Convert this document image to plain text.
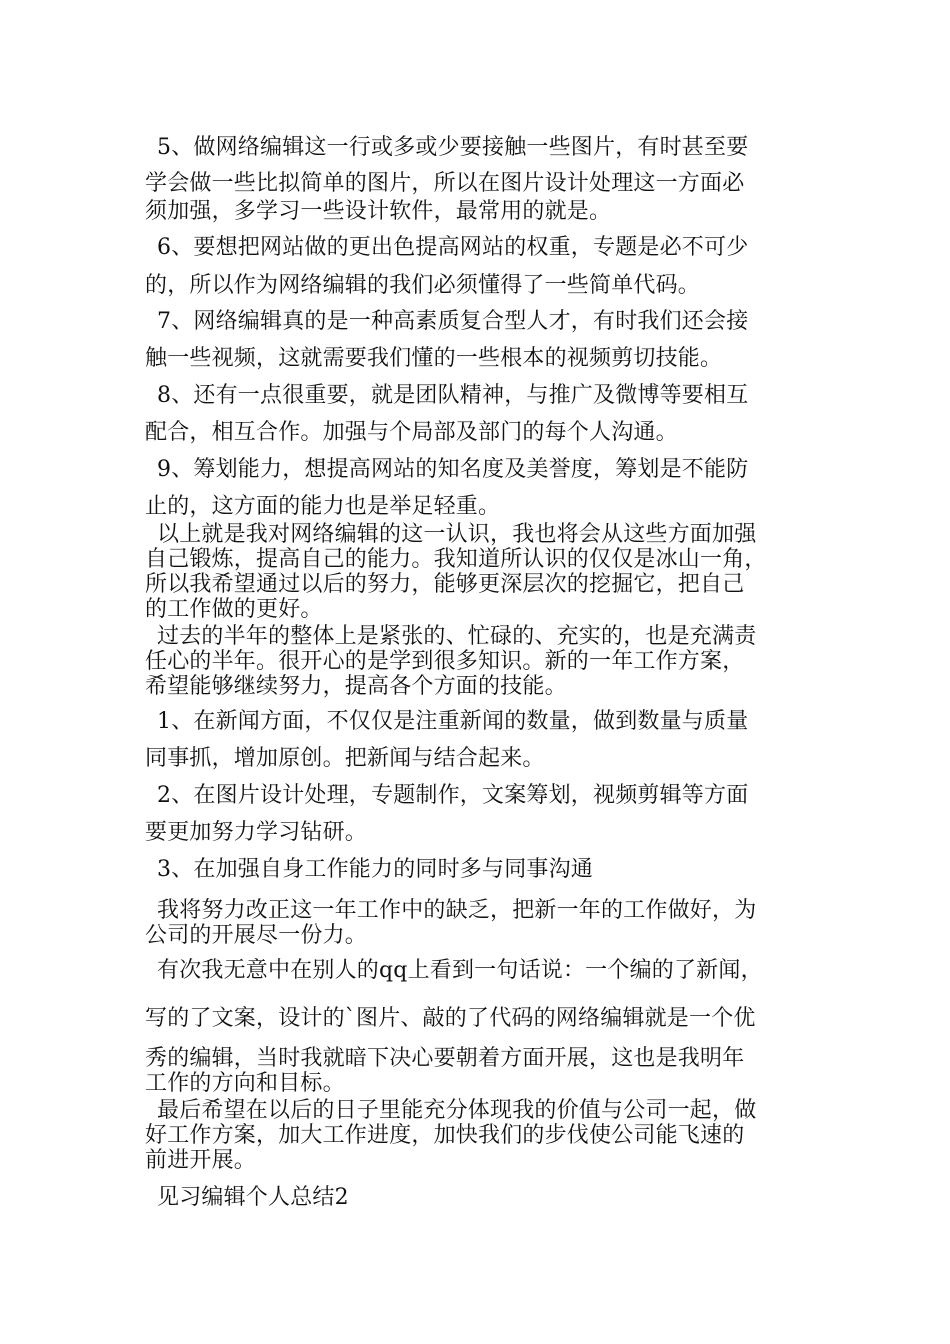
5、做网络编辑这一行或多或少要接触一些图片，有时甚至要
学会做一些比拟简单的图片，所以在图片设计处理这一方面必
须加强，多学习一些设计软件，最常用的就是。
6、要想把网站做的更出色提高网站的权重，专题是必不可少
的，所以作为网络编辑的我们必须懂得了一些简单代码。
7、网络编辑真的是一种高素质复合型人才，有时我们还会接
触一些视频，这就需要我们懂的一些根本的视频剪切技能。
8、还有一点很重要，就是团队精神，与推广及微博等要相互
配合，相互合作。加强与个局部及部门的每个人沟通。
9、筹划能力，想提高网站的知名度及美誉度，筹划是不能防
止的，这方面的能力也是举足轻重。
以上就是我对网络编辑的这一认识，我也将会从这些方面加强
自己锻炼，提高自己的能力。我知道所认识的仅仅是冰山一角，
所以我希望通过以后的努力，能够更深层次的挖掘它，把自己
的工作做的更好。
过去的半年的整体上是紧张的、忙碌的、充实的，也是充满责
任心的半年。很开心的是学到很多知识。新的一年工作方案，
希望能够继续努力，提高各个方面的技能。
1、在新闻方面，不仅仅是注重新闻的数量，做到数量与质量
同事抓，增加原创。把新闻与结合起来。
2、在图片设计处理，专题制作，文案筹划，视频剪辑等方面
要更加努力学习钻研。
3、在加强自身工作能力的同时多与同事沟通
我将努力改正这一年工作中的缺乏，把新一年的工作做好，为
公司的开展尽一份力。
有次我无意中在别人的qq上看到一句话说：一个编的了新闻，
写的了文案，设计的`图片、敲的了代码的网络编辑就是一个优
秀的编辑，当时我就暗下决心要朝着方面开展，这也是我明年
工作的方向和目标。
最后希望在以后的日子里能充分体现我的价值与公司一起，做
好工作方案，加大工作进度，加快我们的步伐使公司能飞速的
前进开展。
见习编辑个人总结2
